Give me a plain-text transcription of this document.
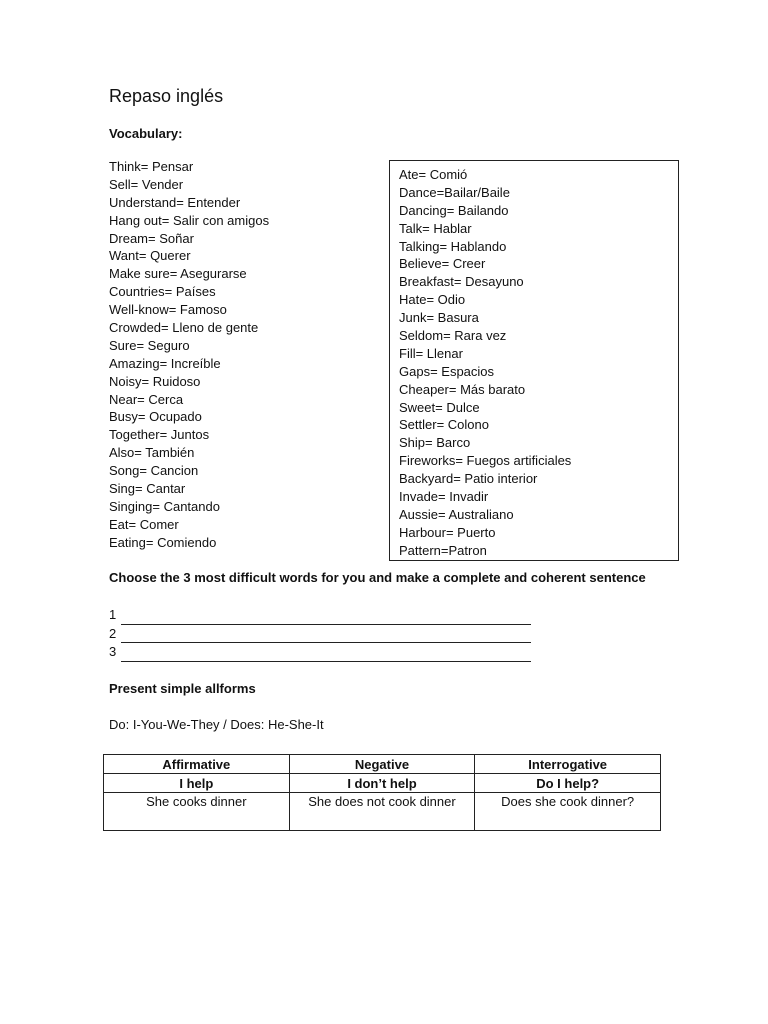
Repaso inglés
Vocabulary:
Think= Pensar
Sell= Vender
Understand= Entender
Hang out= Salir con amigos
Dream= Soñar
Want= Querer
Make sure= Asegurarse
Countries= Países
Well-know= Famoso
Crowded= Lleno de gente
Sure= Seguro
Amazing= Increíble
Noisy= Ruidoso
Near= Cerca
Busy= Ocupado
Together= Juntos
Also= También
Song= Cancion
Sing= Cantar
Singing= Cantando
Eat= Comer
Eating= Comiendo
Ate= Comió
Dance=Bailar/Baile
Dancing= Bailando
Talk= Hablar
Talking= Hablando
Believe= Creer
Breakfast= Desayuno
Hate= Odio
Junk= Basura
Seldom= Rara vez
Fill= Llenar
Gaps= Espacios
Cheaper= Más barato
Sweet= Dulce
Settler= Colono
Ship= Barco
Fireworks= Fuegos artificiales
Backyard= Patio interior
Invade= Invadir
Aussie= Australiano
Harbour= Puerto
Pattern=Patron
Choose the 3 most difficult words for you and make a complete and coherent sentence
1
2
3
Present simple allforms
Do: I-You-We-They / Does: He-She-It
Affirmative	Negative	Interrogative
I help	I don’t help	Do I help?
She cooks dinner	She does not cook dinner	Does she cook dinner?
